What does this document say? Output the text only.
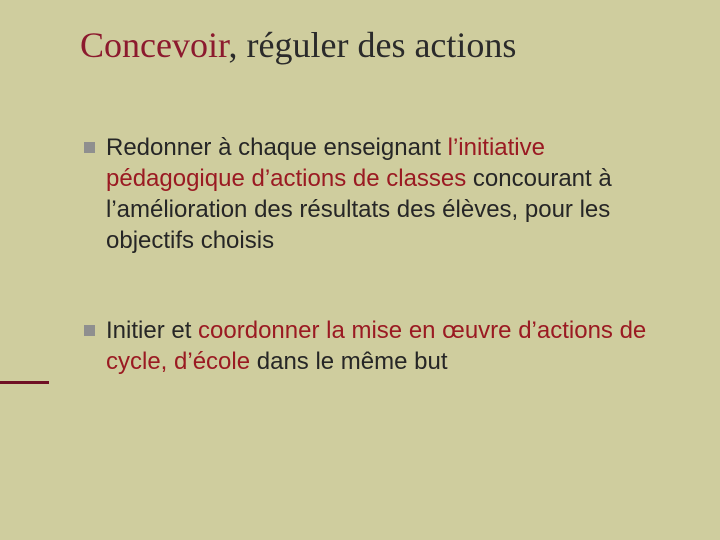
Concevoir, réguler des actions
Redonner à chaque enseignant l’initiative pédagogique d’actions de classes concourant à l’amélioration des résultats des élèves, pour les objectifs choisis
Initier et coordonner la mise en œuvre d’actions de cycle, d’école dans le même but
